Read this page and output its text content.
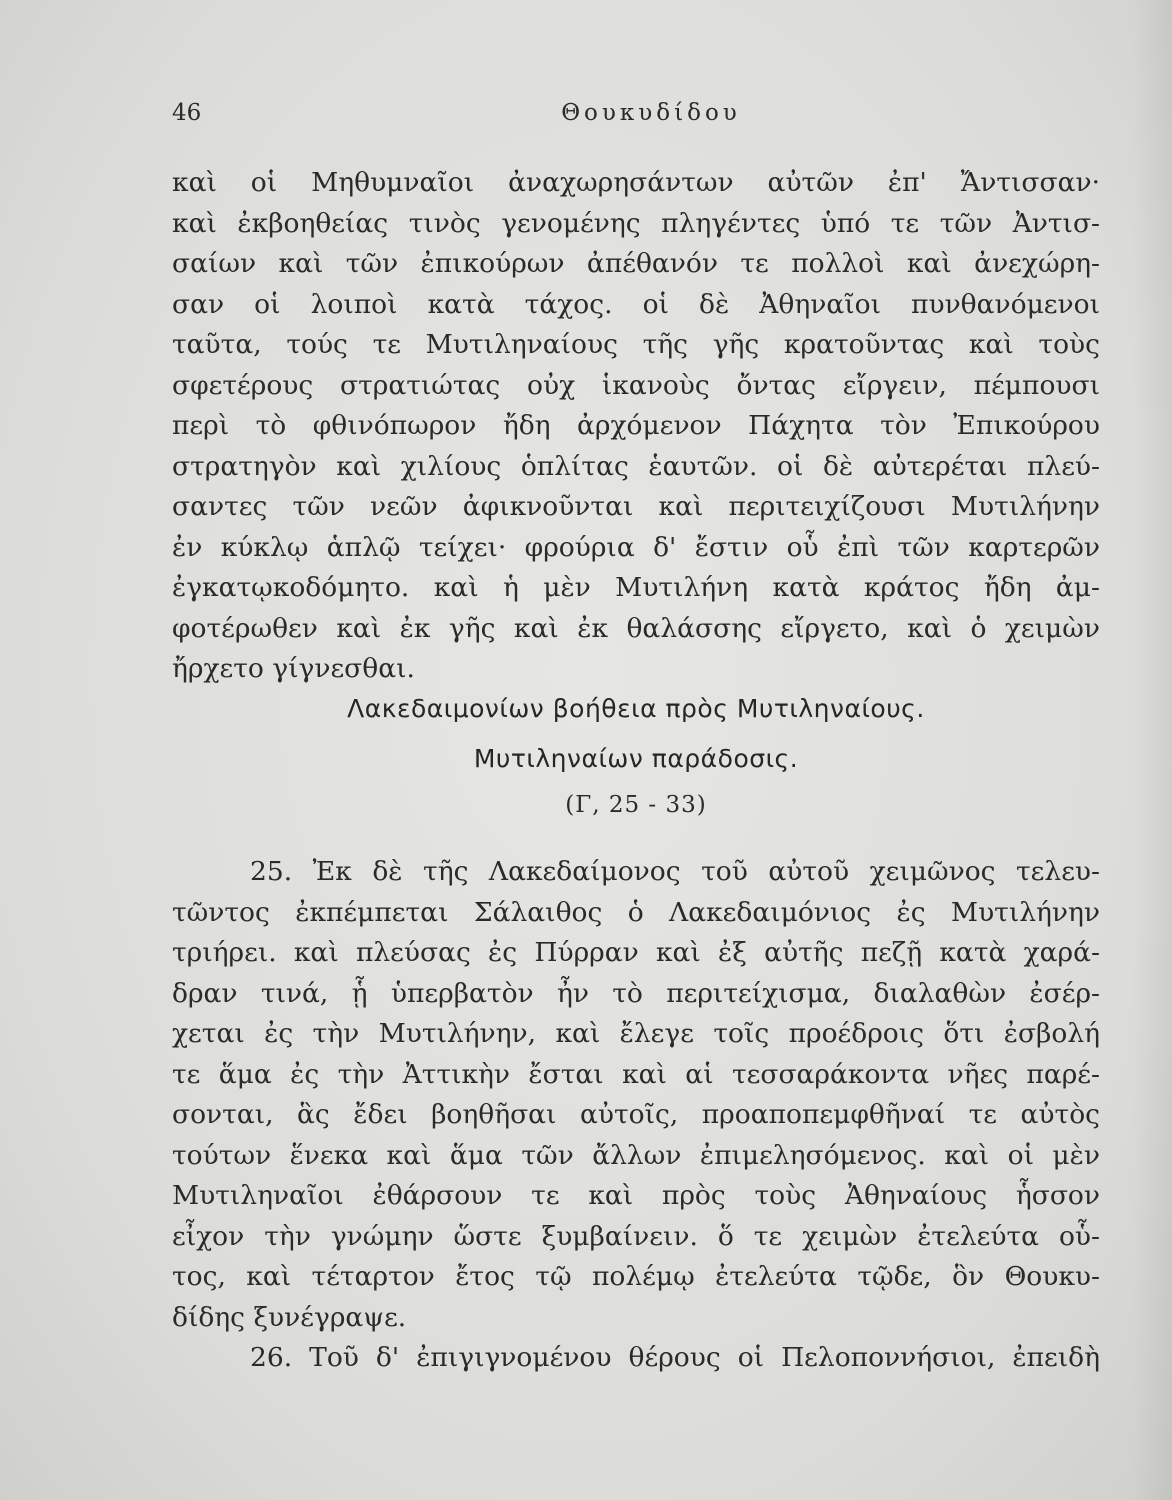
46	Θουκυδίδου
καὶ οἱ Μηθυμναῖοι ἀναχωρησάντων αὐτῶν ἐπ' Ἄντισσαν·
καὶ ἐκβοηθείας τινὸς γενομένης πληγέντες ὑπό τε τῶν Ἀντισ-
σαίων καὶ τῶν ἐπικούρων ἀπέθανόν τε πολλοὶ καὶ ἀνεχώρη-
σαν οἱ λοιποὶ κατὰ τάχος. οἱ δὲ Ἀθηναῖοι πυνθανόμενοι
ταῦτα, τούς τε Μυτιληναίους τῆς γῆς κρατοῦντας καὶ τοὺς
σφετέρους στρατιώτας οὐχ ἱκανοὺς ὄντας εἴργειν, πέμπουσι
περὶ τὸ φθινόπωρον ἤδη ἀρχόμενον Πάχητα τὸν Ἐπικούρου
στρατηγὸν καὶ χιλίους ὁπλίτας ἑαυτῶν. οἱ δὲ αὐτερέται πλεύ-
σαντες τῶν νεῶν ἀφικνοῦνται καὶ περιτειχίζουσι Μυτιλήνην
ἐν κύκλῳ ἁπλῷ τείχει· φρούρια δ' ἔστιν οὗ ἐπὶ τῶν καρτερῶν
ἐγκατῳκοδόμητο. καὶ ἡ μὲν Μυτιλήνη κατὰ κράτος ἤδη ἀμ-
φοτέρωθεν καὶ ἐκ γῆς καὶ ἐκ θαλάσσης εἴργετο, καὶ ὁ χειμὼν
ἤρχετο γίγνεσθαι.
Λακεδαιμονίων βοήθεια πρὸς Μυτιληναίους.
Μυτιληναίων παράδοσις.
(Γ, 25 - 33)
25. Ἐκ δὲ τῆς Λακεδαίμονος τοῦ αὐτοῦ χειμῶνος τελευ-
τῶντος ἐκπέμπεται Σάλαιθος ὁ Λακεδαιμόνιος ἐς Μυτιλήνην
τριήρει. καὶ πλεύσας ἐς Πύρραν καὶ ἐξ αὐτῆς πεζῇ κατὰ χαρά-
δραν τινά, ᾗ ὑπερβατὸν ἦν τὸ περιτείχισμα, διαλαθὼν ἐσέρ-
χεται ἐς τὴν Μυτιλήνην, καὶ ἔλεγε τοῖς προέδροις ὅτι ἐσβολή
τε ἅμα ἐς τὴν Ἀττικὴν ἔσται καὶ αἱ τεσσαράκοντα νῆες παρέ-
σονται, ἃς ἔδει βοηθῆσαι αὐτοῖς, προαποπεμφθῆναί τε αὐτὸς
τούτων ἕνεκα καὶ ἅμα τῶν ἄλλων ἐπιμελησόμενος. καὶ οἱ μὲν
Μυτιληναῖοι ἐθάρσουν τε καὶ πρὸς τοὺς Ἀθηναίους ἧσσον
εἶχον τὴν γνώμην ὥστε ξυμβαίνειν. ὅ τε χειμὼν ἐτελεύτα οὗ-
τος, καὶ τέταρτον ἔτος τῷ πολέμῳ ἐτελεύτα τῷδε, ὃν Θουκυ-
δίδης ξυνέγραψε.
26. Τοῦ δ' ἐπιγιγνομένου θέρους οἱ Πελοποννήσιοι, ἐπειδὴ
